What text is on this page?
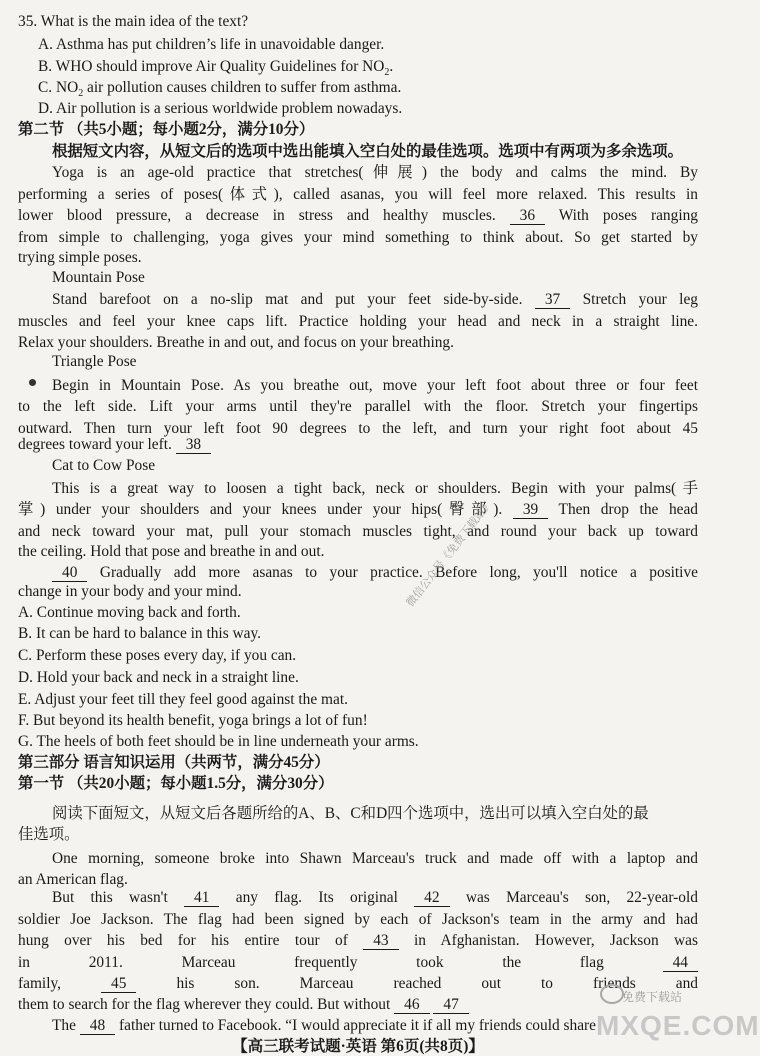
35. What is the main idea of the text?
A. Asthma has put children’s life in unavoidable danger.
B. WHO should improve Air Quality Guidelines for $NO_2$.
C. $NO_2$ air pollution causes children to suffer from asthma.
D. Air pollution is a serious worldwide problem nowadays.
第二节 （共5小题；每小题2分，满分10分）
根据短文内容，从短文后的选项中选出能填入空白处的最佳选项。选项中有两项为多余选项。
Yoga is an age-old practice that stretches(伸展) the body and calms the mind. By
performing a series of poses(体式), called asanas, you will feel more relaxed. This results in
lower blood pressure, a decrease in stress and healthy muscles. 36 With poses ranging
from simple to challenging, yoga gives your mind something to think about. So get started by
trying simple poses.
Mountain Pose
Stand barefoot on a no-slip mat and put your feet side-by-side. 37 Stretch your leg
muscles and feel your knee caps lift. Practice holding your head and neck in a straight line.
Relax your shoulders. Breathe in and out, and focus on your breathing.
Triangle Pose
Begin in Mountain Pose. As you breathe out, move your left foot about three or four feet
to the left side. Lift your arms until they're parallel with the floor. Stretch your fingertips
outward. Then turn your left foot 90 degrees to the left, and turn your right foot about 45
degrees toward your left. 38
Cat to Cow Pose
This is a great way to loosen a tight back, neck or shoulders. Begin with your palms(手
掌) under your shoulders and your knees under your hips(臀部). 39 Then drop the head
and neck toward your mat, pull your stomach muscles tight, and round your back up toward
the ceiling. Hold that pose and breathe in and out.
40 Gradually add more asanas to your practice. Before long, you'll notice a positive
change in your body and your mind.
A. Continue moving back and forth.
B. It can be hard to balance in this way.
C. Perform these poses every day, if you can.
D. Hold your back and neck in a straight line.
E. Adjust your feet till they feel good against the mat.
F. But beyond its health benefit, yoga brings a lot of fun!
G. The heels of both feet should be in line underneath your arms.
第三部分 语言知识运用（共两节，满分45分）
第一节 （共20小题；每小题1.5分，满分30分）
阅读下面短文，从短文后各题所给的A、B、C和D四个选项中，选出可以填入空白处的最
佳选项。
One morning, someone broke into Shawn Marceau's truck and made off with a laptop and
an American flag.
But this wasn't 41 any flag. Its original 42 was Marceau's son, 22-year-old
soldier Joe Jackson. The flag had been signed by each of Jackson's team in the army and had
hung over his bed for his entire tour of 43 in Afghanistan. However, Jackson was
in 2011. Marceau frequently took the flag	44
family,	45	his son. Marceau reached out to friends and
them to search for the flag wherever they could. But without 46 47
The 48 father turned to Facebook. “I would appreciate it if all my friends could share
微信公众号《免费下载站》
【高三联考试题·英语 第6页(共8页)】
免费下载站
MXQE.COM
